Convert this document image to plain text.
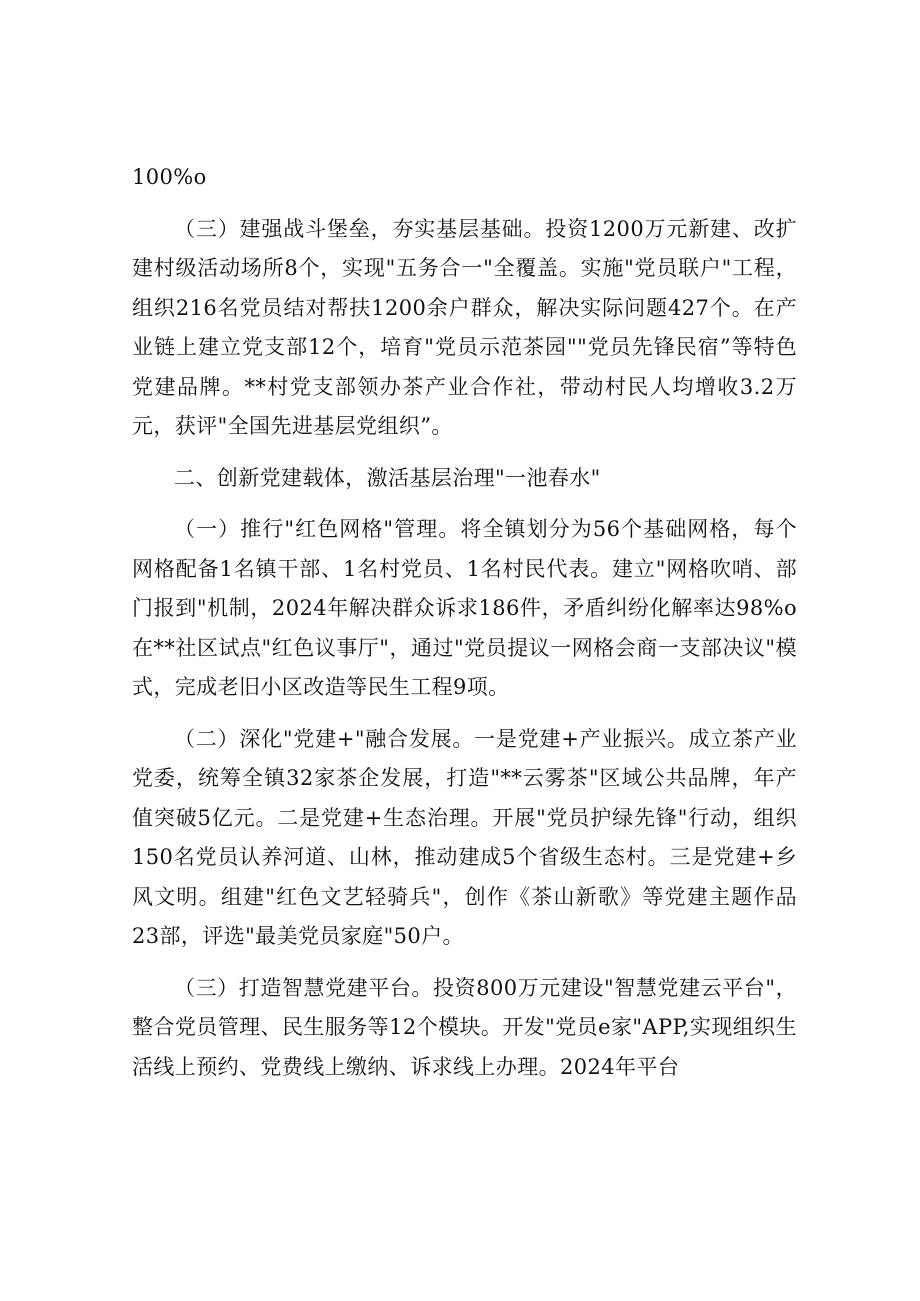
100%o

（三）建强战斗堡垒，夯实基层基础。投资1200万元新建、改扩建村级活动场所8个，实现"五务合一"全覆盖。实施"党员联户"工程，组织216名党员结对帮扶1200余户群众，解决实际问题427个。在产业链上建立党支部12个，培育"党员示范茶园""党员先锋民宿”等特色党建品牌。**村党支部领办茶产业合作社，带动村民人均增收3.2万元，获评"全国先进基层党组织”。

二、创新党建载体，激活基层治理"一池春水"

（一）推行"红色网格"管理。将全镇划分为56个基础网格，每个网格配备1名镇干部、1名村党员、1名村民代表。建立"网格吹哨、部门报到"机制，2024年解决群众诉求186件，矛盾纠纷化解率达98%o在**社区试点"红色议事厅"，通过"党员提议一网格会商一支部决议"模式，完成老旧小区改造等民生工程9项。

（二）深化"党建+"融合发展。一是党建+产业振兴。成立茶产业党委，统筹全镇32家茶企发展，打造"**云雾茶"区域公共品牌，年产值突破5亿元。二是党建+生态治理。开展"党员护绿先锋"行动，组织150名党员认养河道、山林，推动建成5个省级生态村。三是党建+乡风文明。组建"红色文艺轻骑兵"，创作《茶山新歌》等党建主题作品23部，评选"最美党员家庭"50户。

（三）打造智慧党建平台。投资800万元建设"智慧党建云平台"，整合党员管理、民生服务等12个模块。开发"党员e家"APP,实现组织生活线上预约、党费线上缴纳、诉求线上办理。2024年平台
